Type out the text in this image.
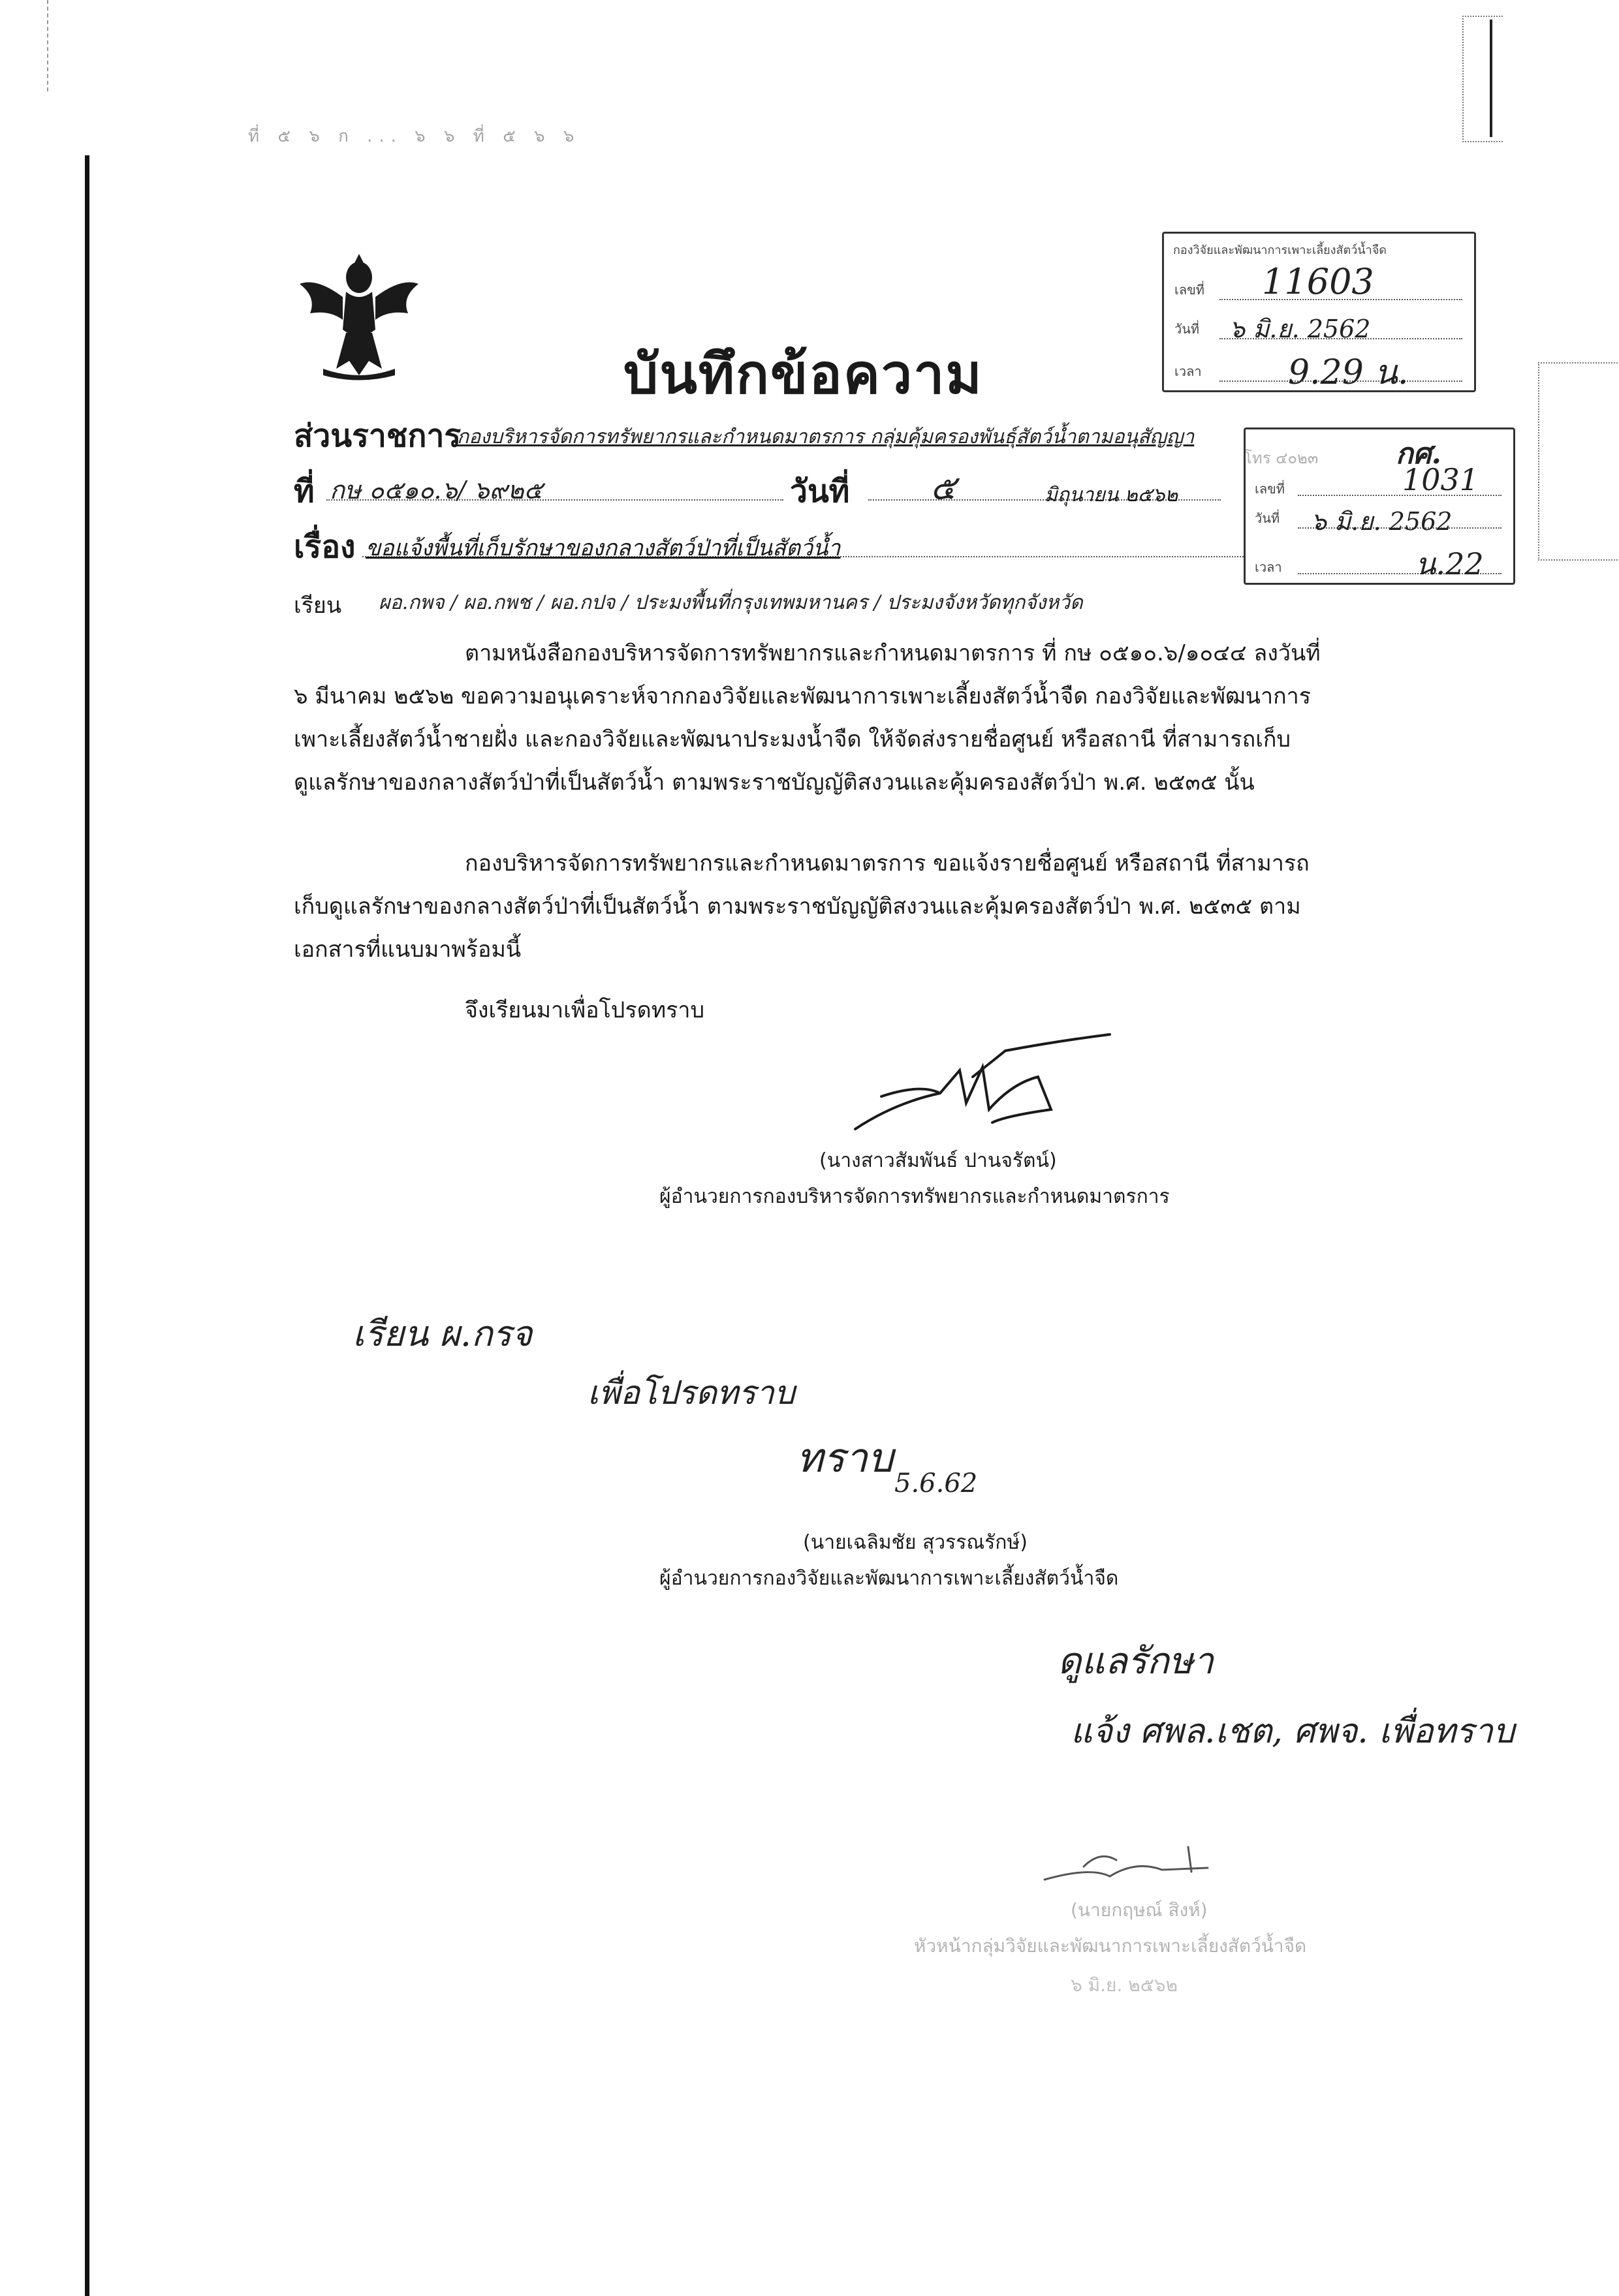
ที่ ๕ ๖ ก ... ๖ ๖ ที่ ๕ ๖ ๖
บันทึกข้อความ
กองวิจัยและพัฒนาการเพาะเลี้ยงสัตว์น้ำจืด
เลขที่ 11603
วันที่ ๖ มิ.ย. 2562
เวลา	9.29 น.
ส่วนราชการ
กองบริหารจัดการทรัพยากรและกำหนดมาตรการ กลุ่มคุ้มครองพันธุ์สัตว์น้ำตามอนุสัญญา
ที่ กษ ๐๕๑๐.๖/ ๖๙๒๕	วันที่ ๕	มิถุนายน ๒๕๖๒
เรื่อง ขอแจ้งพื้นที่เก็บรักษาของกลางสัตว์ป่าที่เป็นสัตว์น้ำ
กศ.
เลขที่	1031
วันที่ ๖ มิ.ย. 2562
เวลา	น.22
เรียน ผอ.กพจ / ผอ.กพช / ผอ.กปจ / ประมงพื้นที่กรุงเทพมหานคร / ประมงจังหวัดทุกจังหวัด
ตามหนังสือกองบริหารจัดการทรัพยากรและกำหนดมาตรการ ที่ กษ ๐๕๑๐.๖/๑๐๔๔ ลงวันที่
๖ มีนาคม ๒๕๖๒ ขอความอนุเคราะห์จากกองวิจัยและพัฒนาการเพาะเลี้ยงสัตว์น้ำจืด กองวิจัยและพัฒนาการ
เพาะเลี้ยงสัตว์น้ำชายฝั่ง และกองวิจัยและพัฒนาประมงน้ำจืด ให้จัดส่งรายชื่อศูนย์ หรือสถานี ที่สามารถเก็บ
ดูแลรักษาของกลางสัตว์ป่าที่เป็นสัตว์น้ำ ตามพระราชบัญญัติสงวนและคุ้มครองสัตว์ป่า พ.ศ. ๒๕๓๕ นั้น
กองบริหารจัดการทรัพยากรและกำหนดมาตรการ ขอแจ้งรายชื่อศูนย์ หรือสถานี ที่สามารถ
เก็บดูแลรักษาของกลางสัตว์ป่าที่เป็นสัตว์น้ำ ตามพระราชบัญญัติสงวนและคุ้มครองสัตว์ป่า พ.ศ. ๒๕๓๕ ตาม
เอกสารที่แนบมาพร้อมนี้
จึงเรียนมาเพื่อโปรดทราบ
(นางสาวสัมพันธ์ ปานจรัตน์)
ผู้อำนวยการกองบริหารจัดการทรัพยากรและกำหนดมาตรการ
เรียน ผ.กรจ
เพื่อโปรดทราบ
ทราบ
5.6.62
(นายเฉลิมชัย สุวรรณรักษ์)
ผู้อำนวยการกองวิจัยและพัฒนาการเพาะเลี้ยงสัตว์น้ำจืด
ดูแลรักษา
แจ้ง ศพล.เชต, ศพจ. เพื่อทราบ
(นายกฤษณ์ สิงห์)
หัวหน้ากลุ่มวิจัยและพัฒนาการเพาะเลี้ยงสัตว์น้ำจืด
๖ มิ.ย. ๒๕๖๒
